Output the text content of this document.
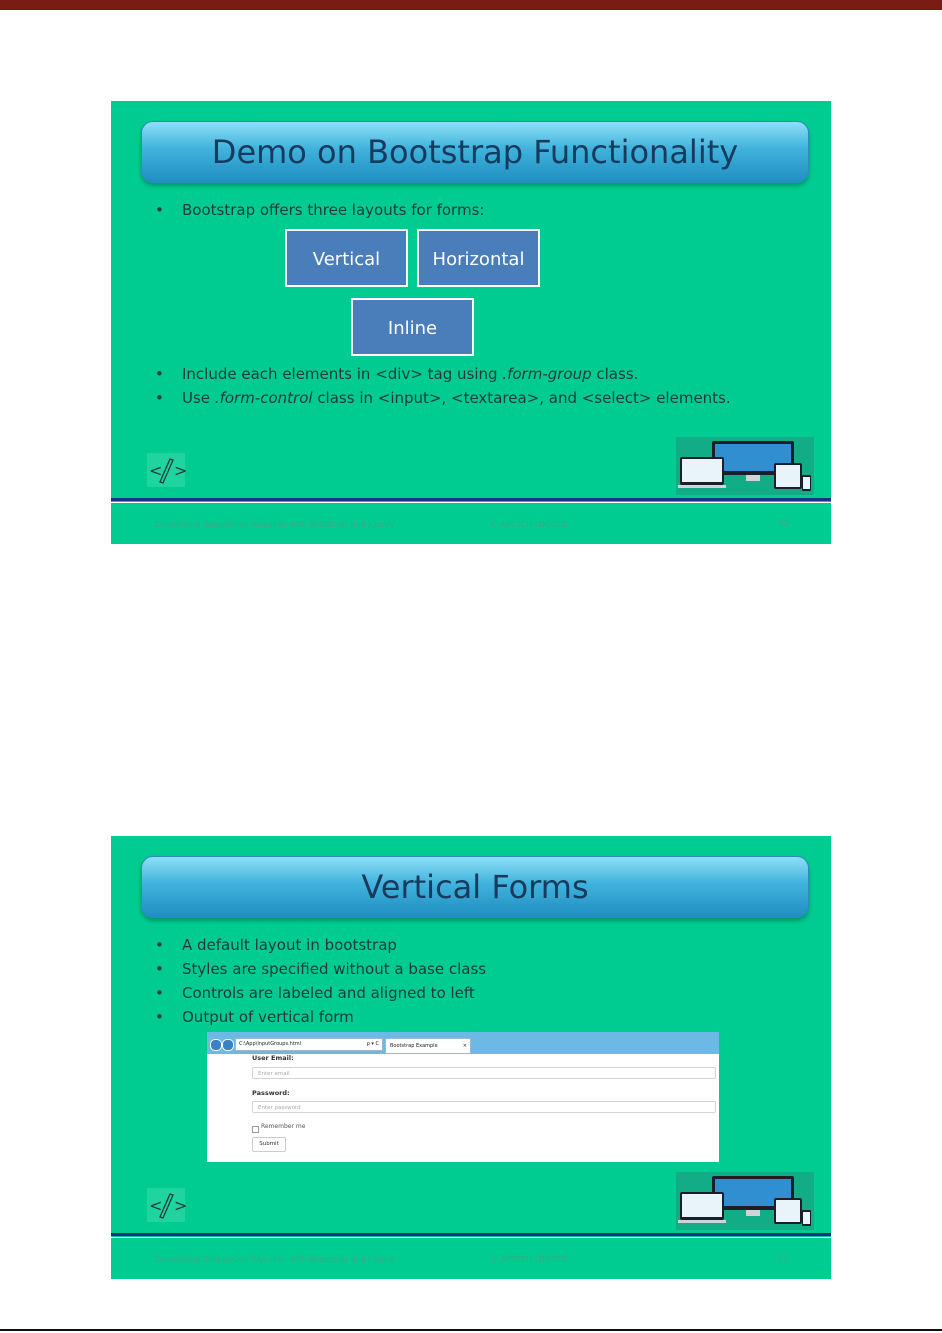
Demo on Bootstrap Functionality
• Bootstrap offers three layouts for forms:
Vertical	Horizontal
Inline
• Include each elements in <div> tag using .form-group class.
• Use .form-control class in <input>, <textarea>, and <select> elements.
< >
Developing Responsive Websites with Bootstrap and jQuery	© APTECH LIMITED	20
Vertical Forms
• A default layout in bootstrap
• Styles are specified without a base class
• Controls are labeled and aligned to left
• Output of vertical form
C:\App\InputGroups.html	ρ ▾ C	Bootstrap Example	×
User Email:
Enter email
Password:
Enter password
Remember me
Submit
< >
Developing Responsive Websites with Bootstrap and jQuery	© APTECH LIMITED	21
